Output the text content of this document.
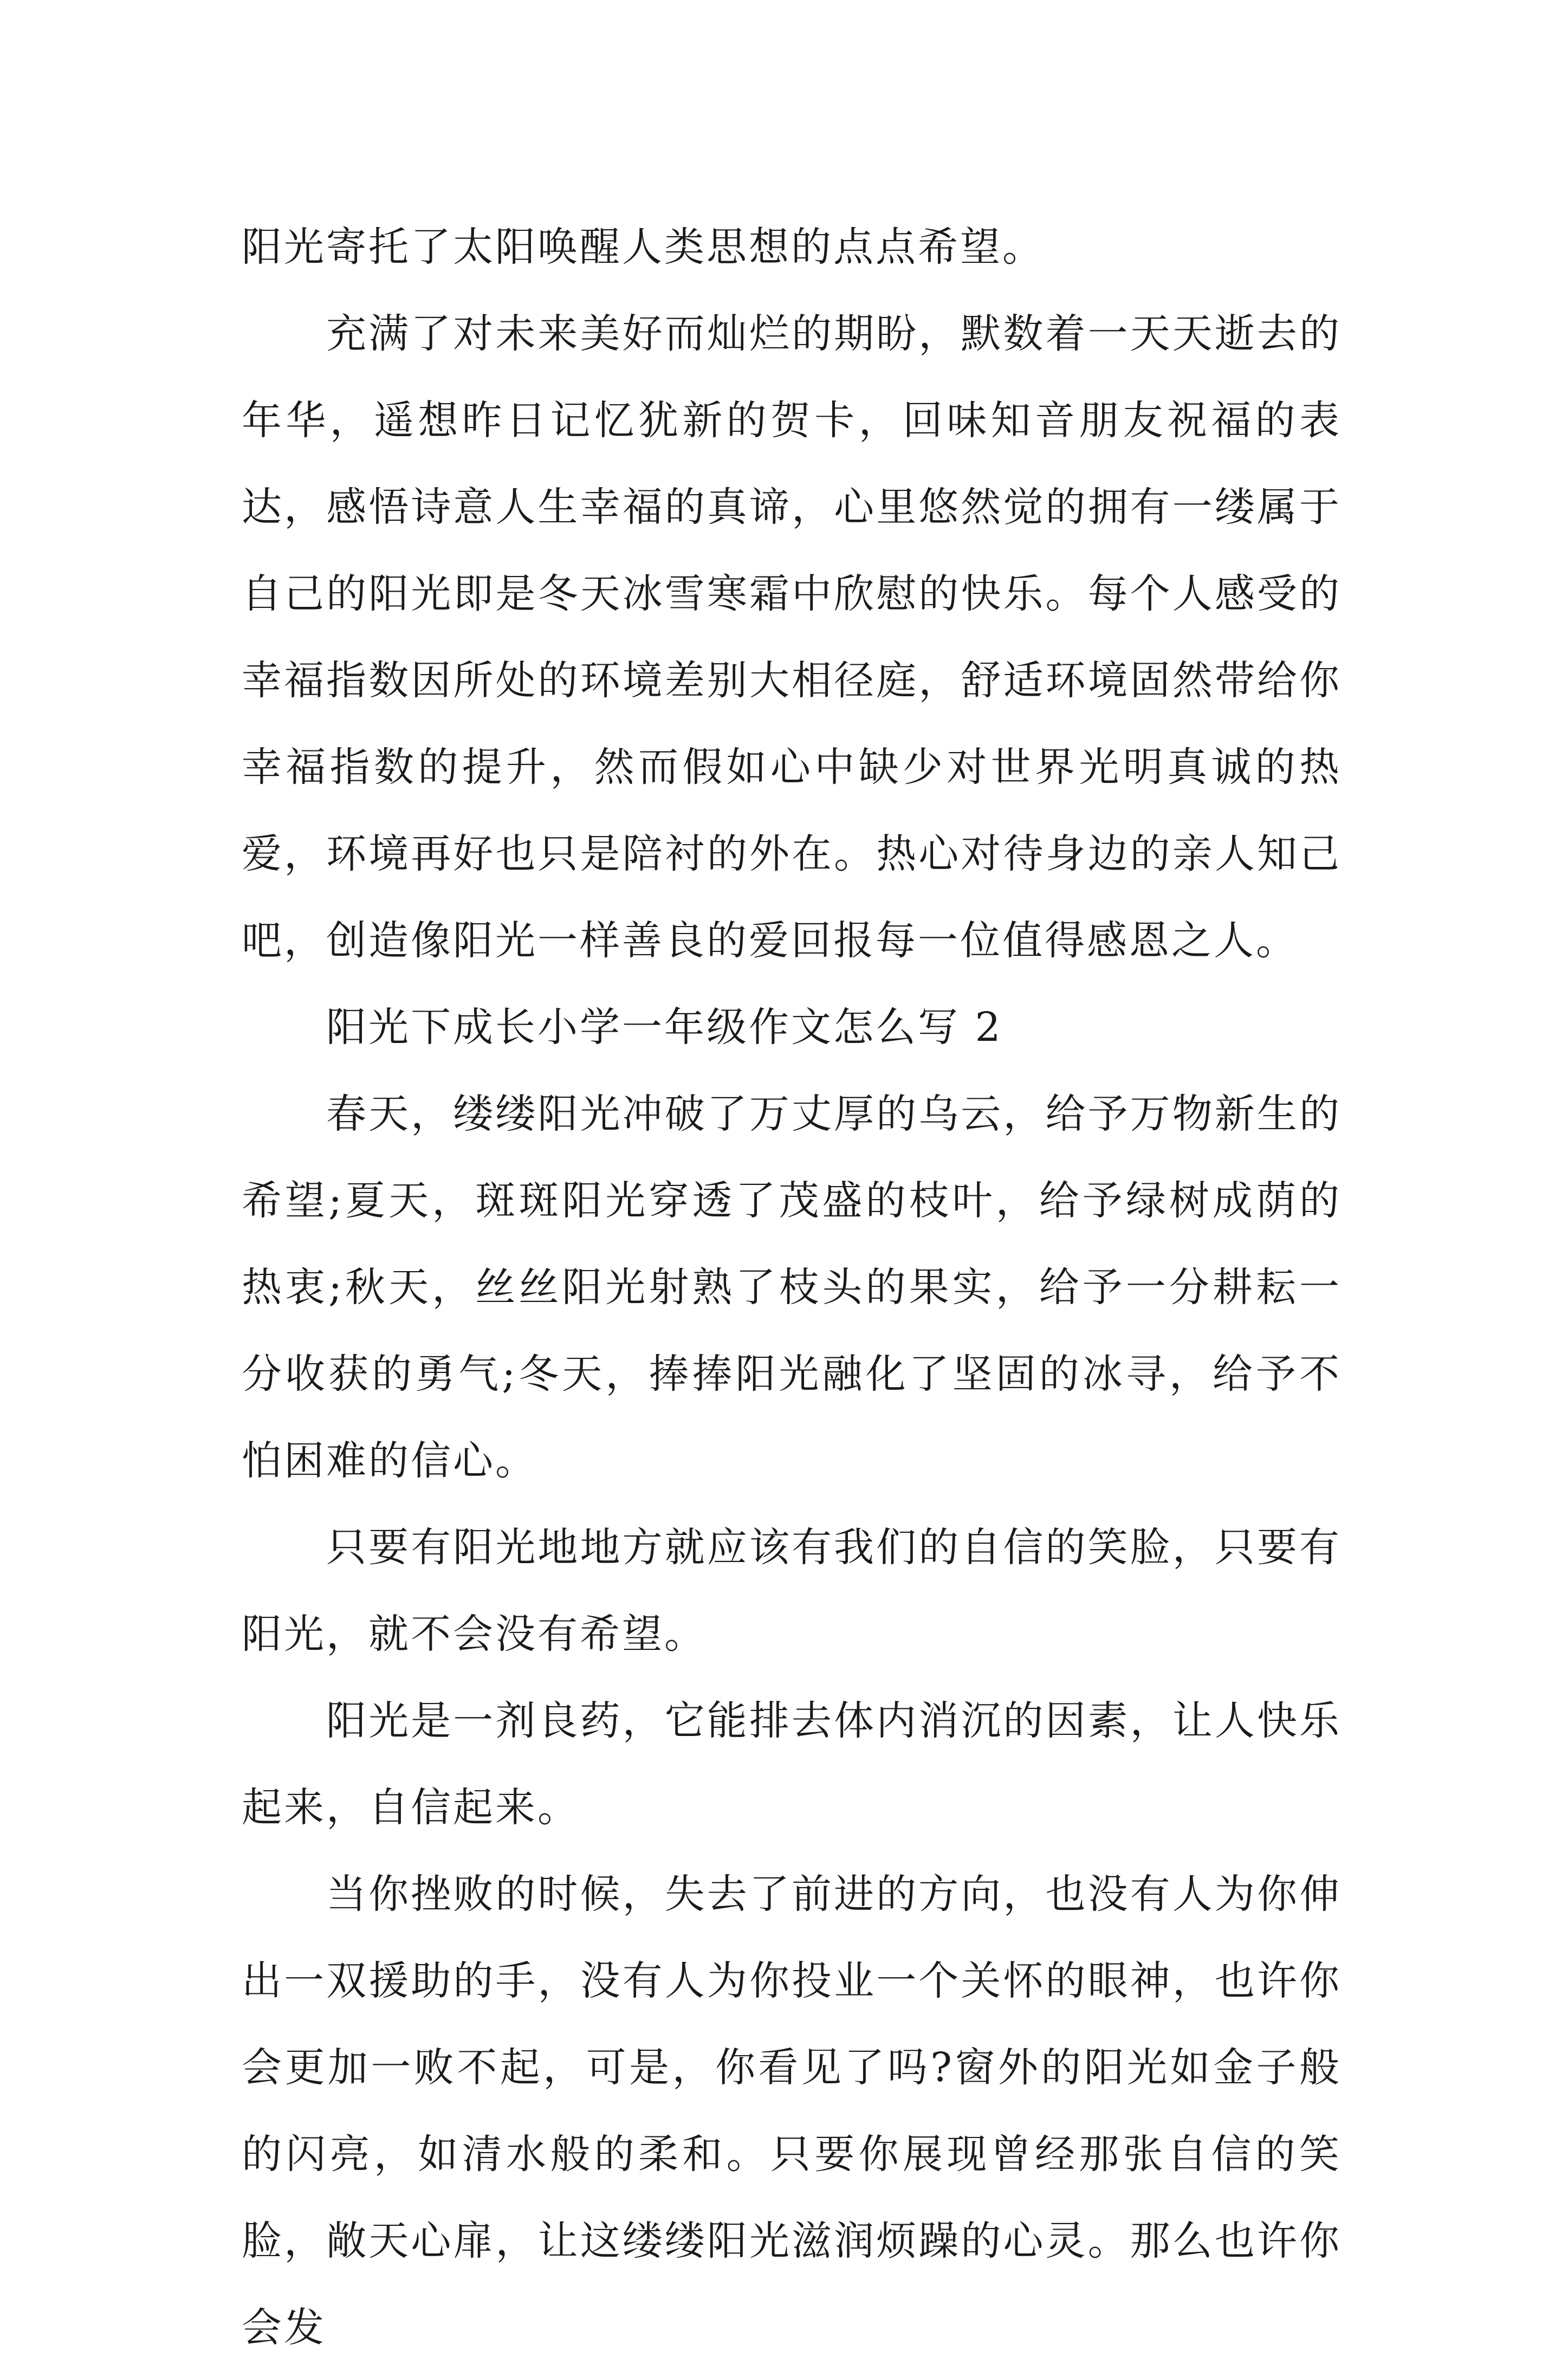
阳光寄托了太阳唤醒人类思想的点点希望。

充满了对未来美好而灿烂的期盼，默数着一天天逝去的年华，遥想昨日记忆犹新的贺卡，回味知音朋友祝福的表达，感悟诗意人生幸福的真谛，心里悠然觉的拥有一缕属于自己的阳光即是冬天冰雪寒霜中欣慰的快乐。每个人感受的幸福指数因所处的环境差别大相径庭，舒适环境固然带给你幸福指数的提升，然而假如心中缺少对世界光明真诚的热爱，环境再好也只是陪衬的外在。热心对待身边的亲人知己吧，创造像阳光一样善良的爱回报每一位值得感恩之人。

阳光下成长小学一年级作文怎么写 2

春天，缕缕阳光冲破了万丈厚的乌云，给予万物新生的希望;夏天，斑斑阳光穿透了茂盛的枝叶，给予绿树成荫的热衷;秋天，丝丝阳光射熟了枝头的果实，给予一分耕耘一分收获的勇气;冬天，捧捧阳光融化了坚固的冰寻，给予不怕困难的信心。

只要有阳光地地方就应该有我们的自信的笑脸，只要有阳光，就不会没有希望。

阳光是一剂良药，它能排去体内消沉的因素，让人快乐起来，自信起来。

当你挫败的时候，失去了前进的方向，也没有人为你伸出一双援助的手，没有人为你投业一个关怀的眼神，也许你会更加一败不起，可是，你看见了吗?窗外的阳光如金子般的闪亮，如清水般的柔和。只要你展现曾经那张自信的笑脸，敞天心扉，让这缕缕阳光滋润烦躁的心灵。那么也许你会发
